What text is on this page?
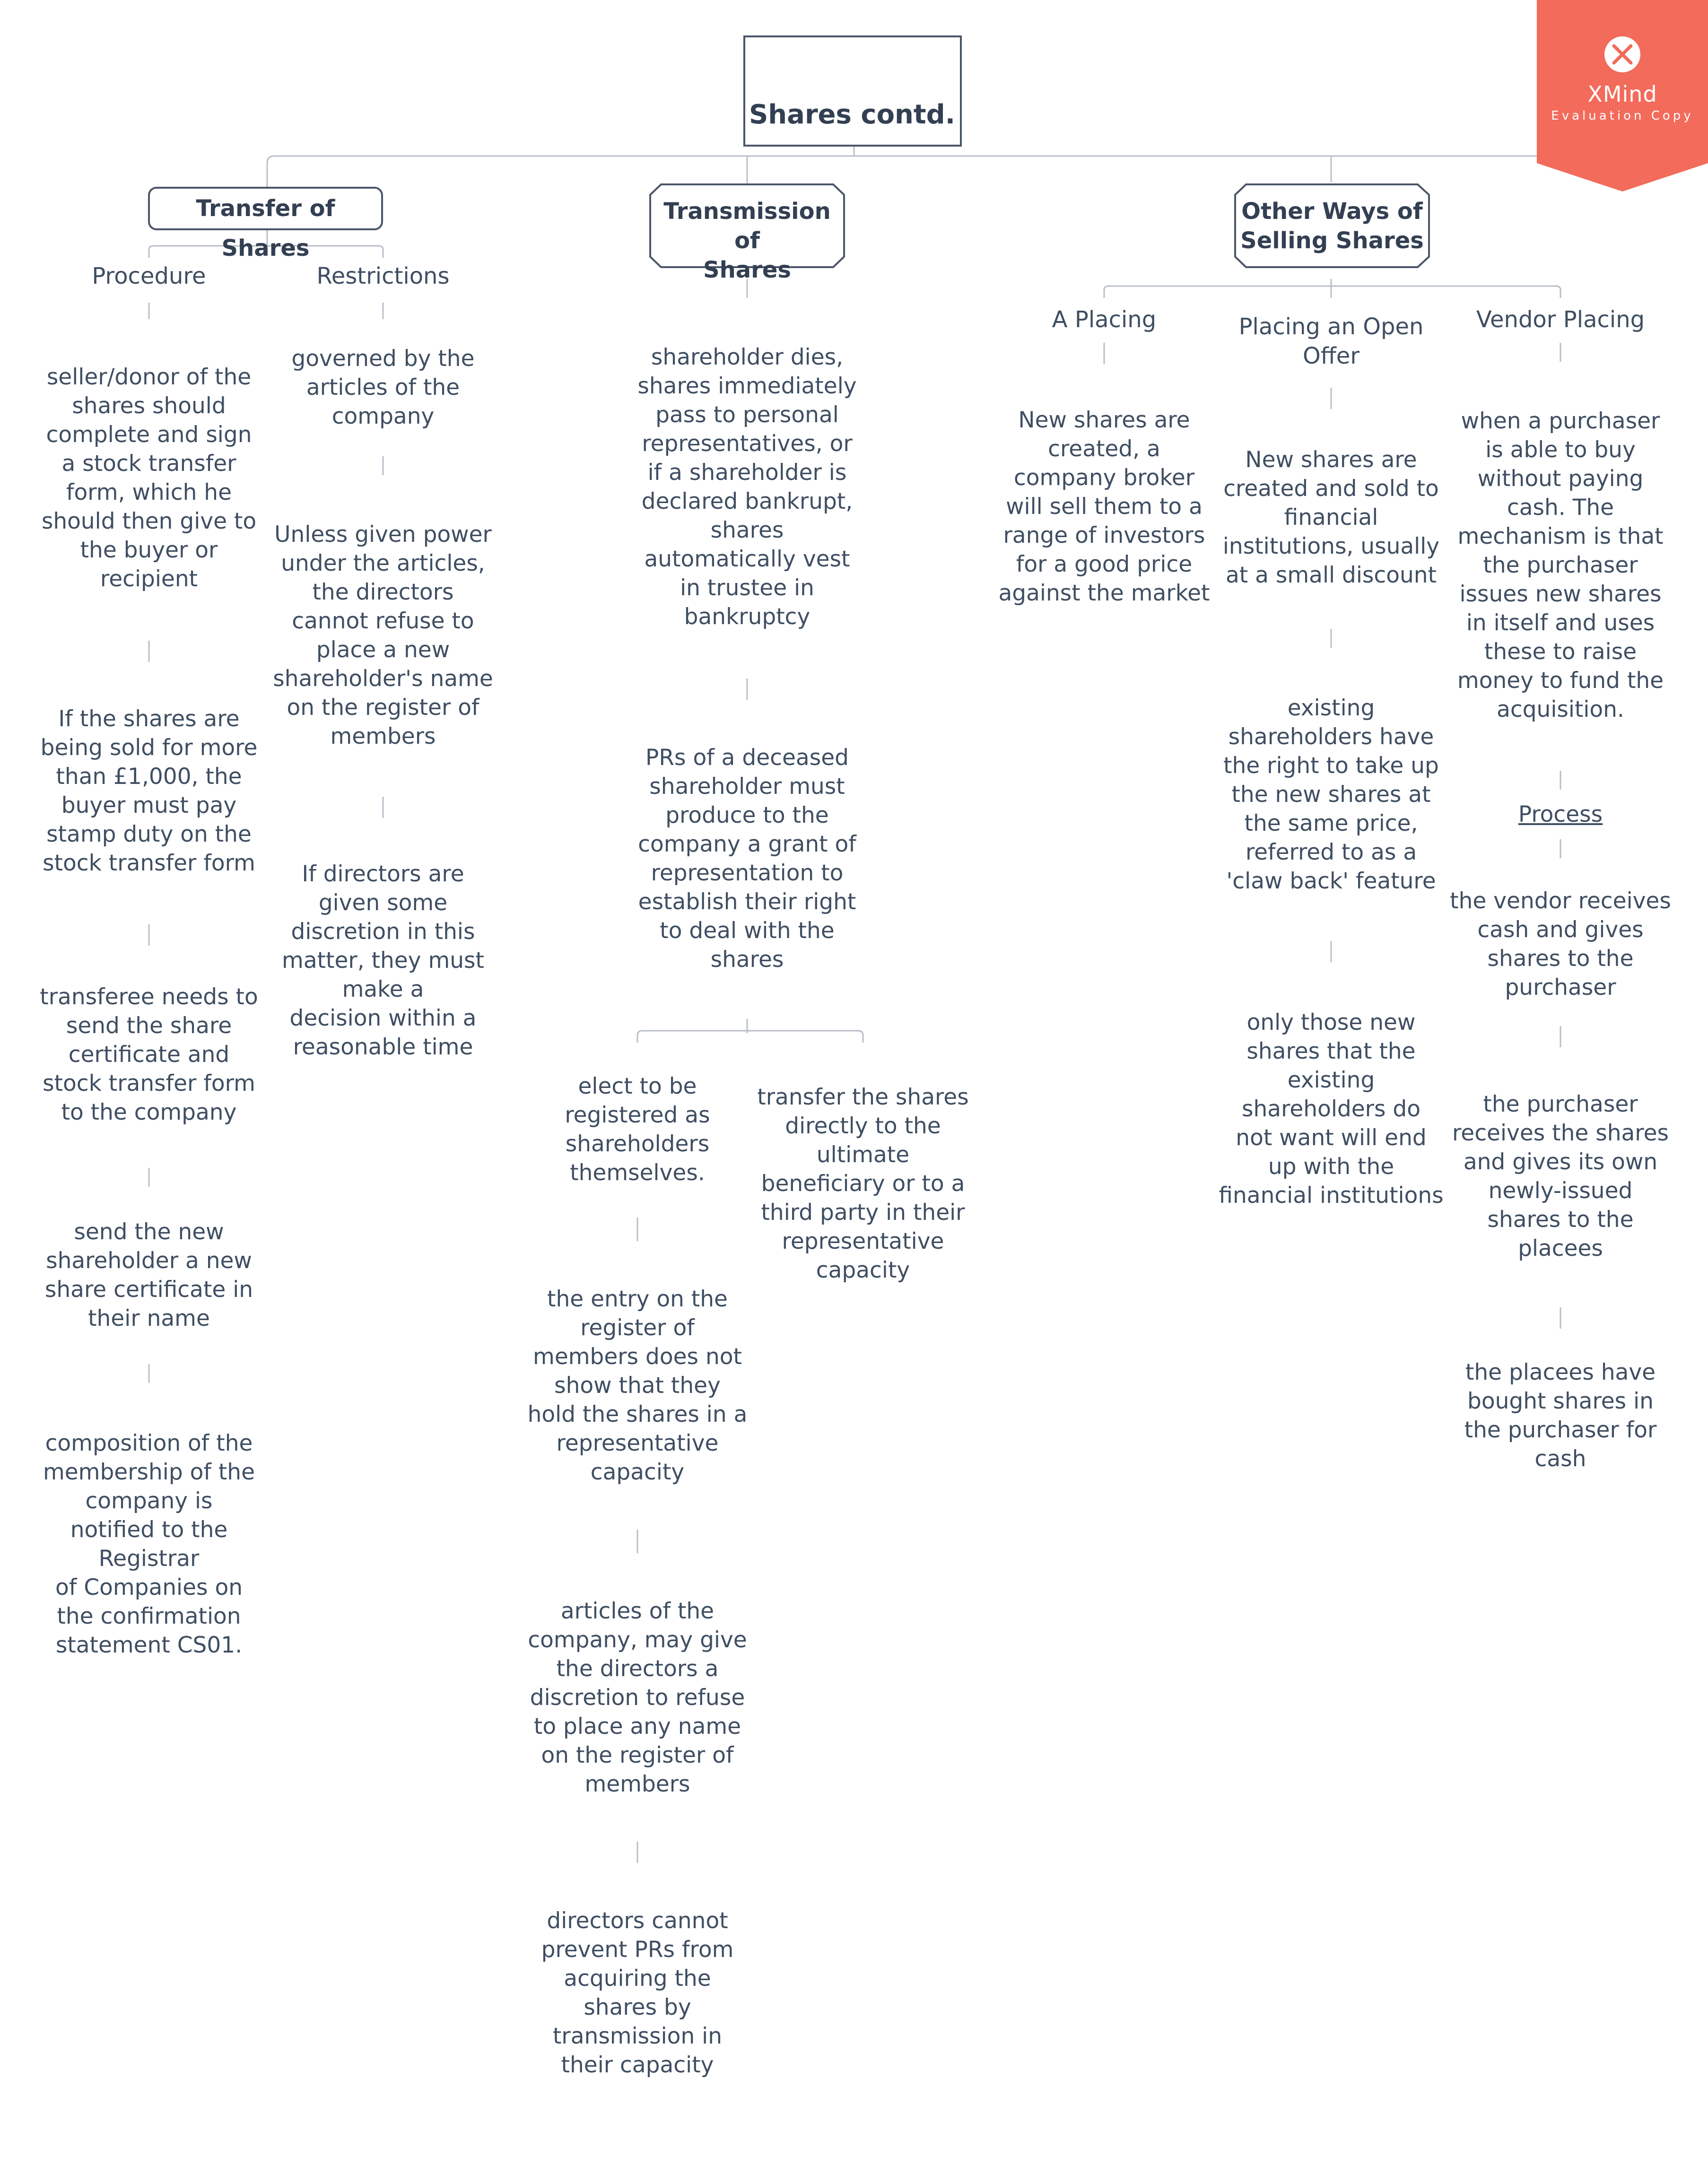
XMind
Evaluation Copy
Shares contd.
Transfer of Shares
Transmission of
Shares
Other Ways of
Selling Shares
Procedure
seller/donor of the
shares should
complete and sign
a stock transfer
form, which he
should then give to
the buyer or
recipient
If the shares are
being sold for more
than £1,000, the
buyer must pay
stamp duty on the
stock transfer form
transferee needs to
send the share
certificate and
stock transfer form
to the company
send the new
shareholder a new
share certificate in
their name
composition of the
membership of the
company is
notified to the
Registrar
of Companies on
the confirmation
statement CS01.
Restrictions
governed by the
articles of the
company
Unless given power
under the articles,
the directors
cannot refuse to
place a new
shareholder's name
on the register of
members
If directors are
given some
discretion in this
matter, they must
make a
decision within a
reasonable time
shareholder dies,
shares immediately
pass to personal
representatives, or
if a shareholder is
declared bankrupt,
shares
automatically vest
in trustee in
bankruptcy
PRs of a deceased
shareholder must
produce to the
company a grant of
representation to
establish their right
to deal with the
shares
elect to be
registered as
shareholders
themselves.
the entry on the
register of
members does not
show that they
hold the shares in a
representative
capacity
articles of the
company, may give
the directors a
discretion to refuse
to place any name
on the register of
members
directors cannot
prevent PRs from
acquiring the
shares by
transmission in
their capacity
transfer the shares
directly to the
ultimate
beneficiary or to a
third party in their
representative
capacity
A Placing
New shares are
created, a
company broker
will sell them to a
range of investors
for a good price
against the market
Placing an Open
Offer
New shares are
created and sold to
financial
institutions, usually
at a small discount
existing
shareholders have
the right to take up
the new shares at
the same price,
referred to as a
'claw back' feature
only those new
shares that the
existing
shareholders do
not want will end
up with the
financial institutions
Vendor Placing
when a purchaser
is able to buy
without paying
cash. The
mechanism is that
the purchaser
issues new shares
in itself and uses
these to raise
money to fund the
acquisition.
Process
the vendor receives
cash and gives
shares to the
purchaser
the purchaser
receives the shares
and gives its own
newly-issued
shares to the
placees
the placees have
bought shares in
the purchaser for
cash
